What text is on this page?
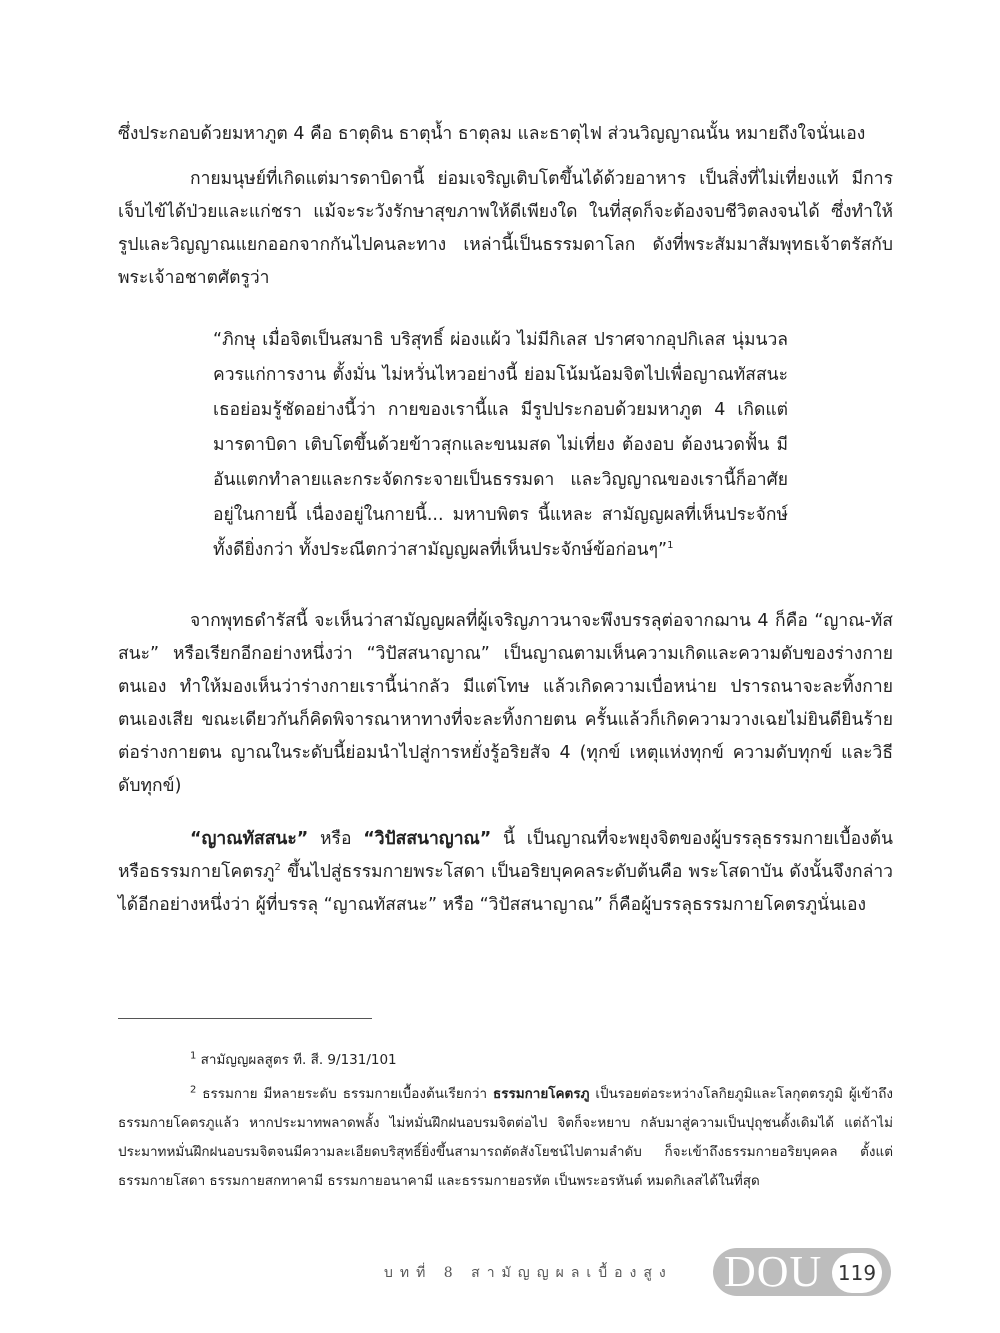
ซึ่งประกอบด้วยมหาภูต 4 คือ ธาตุดิน ธาตุน้ำ ธาตุลม และธาตุไฟ ส่วนวิญญาณนั้น หมายถึงใจนั่นเอง

กายมนุษย์ที่เกิดแต่มารดาบิดานี้ ย่อมเจริญเติบโตขึ้นได้ด้วยอาหาร เป็นสิ่งที่ไม่เที่ยงแท้ มีการเจ็บไข้ได้ป่วยและแก่ชรา แม้จะระวังรักษาสุขภาพให้ดีเพียงใด ในที่สุดก็จะต้องจบชีวิตลงจนได้ ซึ่งทำให้รูปและวิญญาณแยกออกจากกันไปคนละทาง เหล่านี้เป็นธรรมดาโลก ดังที่พระสัมมาสัมพุทธเจ้าตรัสกับพระเจ้าอชาตศัตรูว่า

“ภิกษุ เมื่อจิตเป็นสมาธิ บริสุทธิ์ ผ่องแผ้ว ไม่มีกิเลส ปราศจากอุปกิเลส นุ่มนวล ควรแก่การงาน ตั้งมั่น ไม่หวั่นไหวอย่างนี้ ย่อมโน้มน้อมจิตไปเพื่อญาณทัสสนะ เธอย่อมรู้ชัดอย่างนี้ว่า กายของเรานี้แล มีรูปประกอบด้วยมหาภูต 4 เกิดแต่มารดาบิดา เติบโตขึ้นด้วยข้าวสุกและขนมสด ไม่เที่ยง ต้องอบ ต้องนวดฟั้น มีอันแตกทำลายและกระจัดกระจายเป็นธรรมดา และวิญญาณของเรานี้ก็อาศัยอยู่ในกายนี้ เนื่องอยู่ในกายนี้... มหาบพิตร นี้แหละ สามัญญผลที่เห็นประจักษ์ ทั้งดียิ่งกว่า ทั้งประณีตกว่าสามัญญผลที่เห็นประจักษ์ข้อก่อนๆ”$^1$

จากพุทธดำรัสนี้ จะเห็นว่าสามัญญผลที่ผู้เจริญภาวนาจะพึงบรรลุต่อจากฌาน 4 ก็คือ “ญาณ-ทัสสนะ” หรือเรียกอีกอย่างหนึ่งว่า “วิปัสสนาญาณ” เป็นญาณตามเห็นความเกิดและความดับของร่างกายตนเอง ทำให้มองเห็นว่าร่างกายเรานี้น่ากลัว มีแต่โทษ แล้วเกิดความเบื่อหน่าย ปรารถนาจะละทิ้งกายตนเองเสีย ขณะเดียวกันก็คิดพิจารณาหาทางที่จะละทิ้งกายตน ครั้นแล้วก็เกิดความวางเฉยไม่ยินดียินร้ายต่อร่างกายตน ญาณในระดับนี้ย่อมนำไปสู่การหยั่งรู้อริยสัจ 4 (ทุกข์ เหตุแห่งทุกข์ ความดับทุกข์ และวิธีดับทุกข์)

“ญาณทัสสนะ” หรือ “วิปัสสนาญาณ” นี้ เป็นญาณที่จะพยุงจิตของผู้บรรลุธรรมกายเบื้องต้นหรือธรรมกายโคตรภู$^2$ ขึ้นไปสู่ธรรมกายพระโสดา เป็นอริยบุคคลระดับต้นคือ พระโสดาบัน ดังนั้นจึงกล่าวได้อีกอย่างหนึ่งว่า ผู้ที่บรรลุ “ญาณทัสสนะ” หรือ “วิปัสสนาญาณ” ก็คือผู้บรรลุธรรมกายโคตรภูนั่นเอง

$^1$ สามัญญผลสูตร ที. สี. 9/131/101

$^2$ ธรรมกาย มีหลายระดับ ธรรมกายเบื้องต้นเรียกว่า ธรรมกายโคตรภู เป็นรอยต่อระหว่างโลกิยภูมิและโลกุตตรภูมิ ผู้เข้าถึงธรรมกายโคตรภูแล้ว หากประมาทพลาดพลั้ง ไม่หมั่นฝึกฝนอบรมจิตต่อไป จิตก็จะหยาบ กลับมาสู่ความเป็นปุถุชนดั้งเดิมได้ แต่ถ้าไม่ประมาทหมั่นฝึกฝนอบรมจิตจนมีความละเอียดบริสุทธิ์ยิ่งขึ้นสามารถตัดสังโยชน์ไปตามลำดับ ก็จะเข้าถึงธรรมกายอริยบุคคล ตั้งแต่ ธรรมกายโสดา ธรรมกายสกทาคามี ธรรมกายอนาคามี และธรรมกายอรหัต เป็นพระอรหันต์ หมดกิเลสได้ในที่สุด

บทที่ 8 สามัญญผลเบื้องสูง DOU 119
